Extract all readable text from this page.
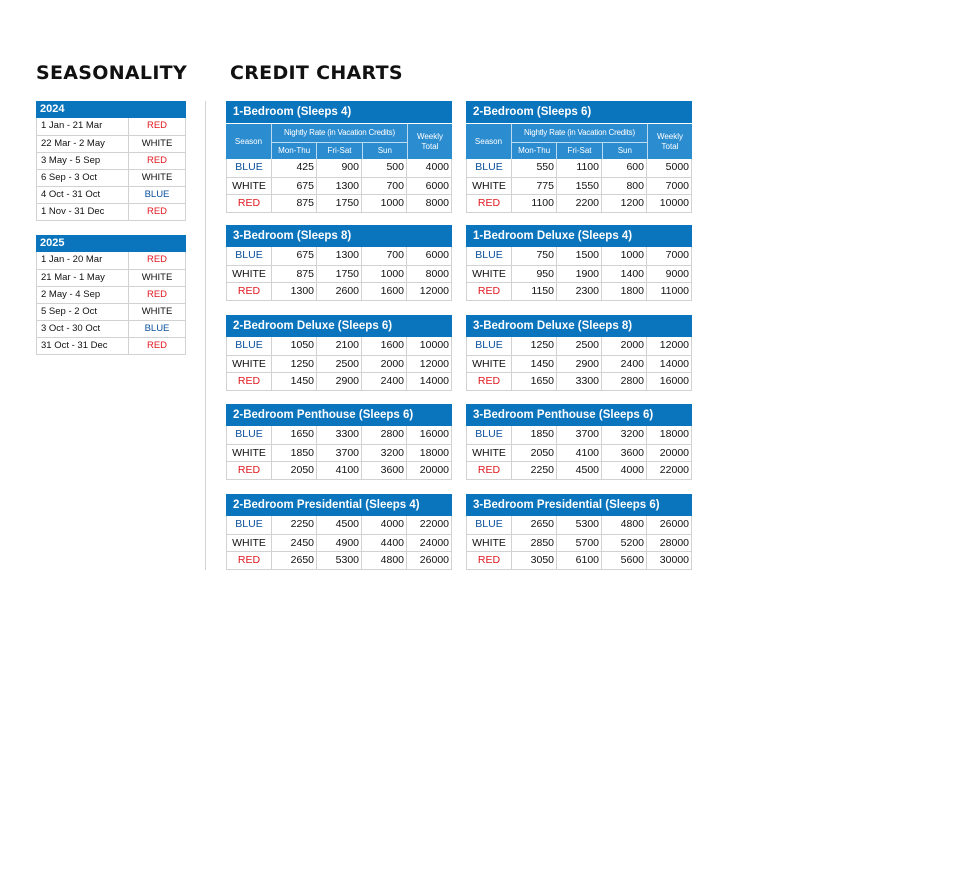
SEASONALITY CREDIT CHARTS
2024
1 Jan - 21 Mar	RED
22 Mar - 2 May	WHITE
3 May - 5 Sep	RED
6 Sep - 3 Oct	WHITE
4 Oct - 31 Oct	BLUE
1 Nov - 31 Dec	RED
2025
1 Jan - 20 Mar	RED
21 Mar - 1 May	WHITE
2 May - 4 Sep	RED
5 Sep - 2 Oct	WHITE
3 Oct - 30 Oct	BLUE
31 Oct - 31 Dec	RED
1-Bedroom (Sleeps 4)
Season
Nightly Rate (in Vacation Credits)
Mon-Thu	Fri-Sat	Sun
Weekly
Total
BLUE	425	900	500	4000
WHITE	675	1300	700	6000
RED	875	1750	1000	8000
2-Bedroom (Sleeps 6)
Season
Nightly Rate (in Vacation Credits)
Mon-Thu	Fri-Sat	Sun
Weekly
Total
BLUE	550	1100	600	5000
WHITE	775	1550	800	7000
RED	1100	2200	1200	10000
3-Bedroom (Sleeps 8)
BLUE	675	1300	700	6000
WHITE	875	1750	1000	8000
RED	1300	2600	1600	12000
1-Bedroom Deluxe (Sleeps 4)
BLUE	750	1500	1000	7000
WHITE	950	1900	1400	9000
RED	1150	2300	1800	11000
2-Bedroom Deluxe (Sleeps 6)
BLUE	1050	2100	1600	10000
WHITE	1250	2500	2000	12000
RED	1450	2900	2400	14000
3-Bedroom Deluxe (Sleeps 8)
BLUE	1250	2500	2000	12000
WHITE	1450	2900	2400	14000
RED	1650	3300	2800	16000
2-Bedroom Penthouse (Sleeps 6)
BLUE	1650	3300	2800	16000
WHITE	1850	3700	3200	18000
RED	2050	4100	3600	20000
3-Bedroom Penthouse (Sleeps 6)
BLUE	1850	3700	3200	18000
WHITE	2050	4100	3600	20000
RED	2250	4500	4000	22000
2-Bedroom Presidential (Sleeps 4)
BLUE	2250	4500	4000	22000
WHITE	2450	4900	4400	24000
RED	2650	5300	4800	26000
3-Bedroom Presidential (Sleeps 6)
BLUE	2650	5300	4800	26000
WHITE	2850	5700	5200	28000
RED	3050	6100	5600	30000
